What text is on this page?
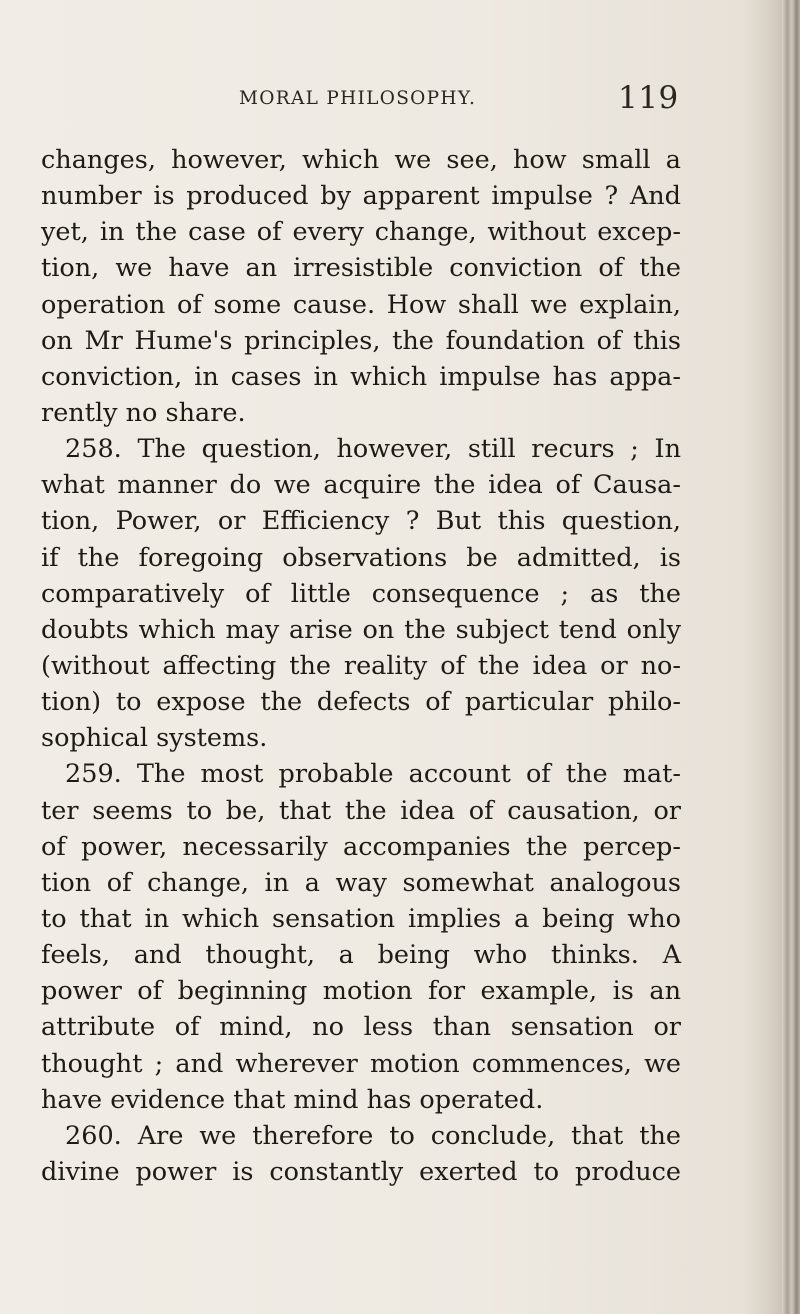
MORAL PHILOSOPHY.	119
changes, however, which we see, how small a
number is produced by apparent impulse ? And
yet, in the case of every change, without excep-
tion, we have an irresistible conviction of the
operation of some cause. How shall we explain,
on Mr Hume's principles, the foundation of this
conviction, in cases in which impulse has appa-
rently no share.
258. The question, however, still recurs ; In
what manner do we acquire the idea of Causa-
tion, Power, or Efficiency ? But this question,
if the foregoing observations be admitted, is
comparatively of little consequence ; as the
doubts which may arise on the subject tend only
(without affecting the reality of the idea or no-
tion) to expose the defects of particular philo-
sophical systems.
259. The most probable account of the mat-
ter seems to be, that the idea of causation, or
of power, necessarily accompanies the percep-
tion of change, in a way somewhat analogous
to that in which sensation implies a being who
feels, and thought, a being who thinks. A
power of beginning motion for example, is an
attribute of mind, no less than sensation or
thought ; and wherever motion commences, we
have evidence that mind has operated.
260. Are we therefore to conclude, that the
divine power is constantly exerted to produce
